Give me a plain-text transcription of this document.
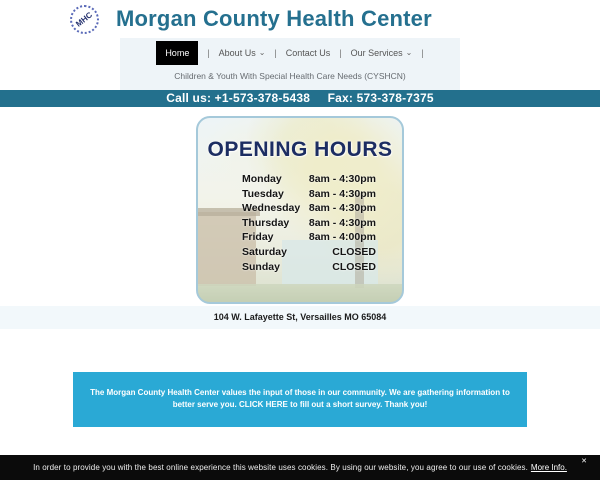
MHC Morgan County Health Center
Home | About Us ⌄ | Contact Us | Our Services ⌄ |
Children & Youth With Special Health Care Needs (CYSHCN)
Call us: +1-573-378-5438 Fax: 573-378-7375
OPENING HOURS
Monday	8am - 4:30pm
Tuesday 8am - 4:30pm
Wednesday 8am - 4:30pm
Thursday 8am - 4:30pm
Friday	8am - 4:00pm
Saturday	CLOSED
Sunday	CLOSED
104 W. Lafayette St, Versailles MO 65084
The Morgan County Health Center values the input of those in our community. We are gathering information to better serve you. CLICK HERE to fill out a short survey. Thank you!
In order to provide you with the best online experience this website uses cookies. By using our website, you agree to our use of cookies. More Info.
✕
